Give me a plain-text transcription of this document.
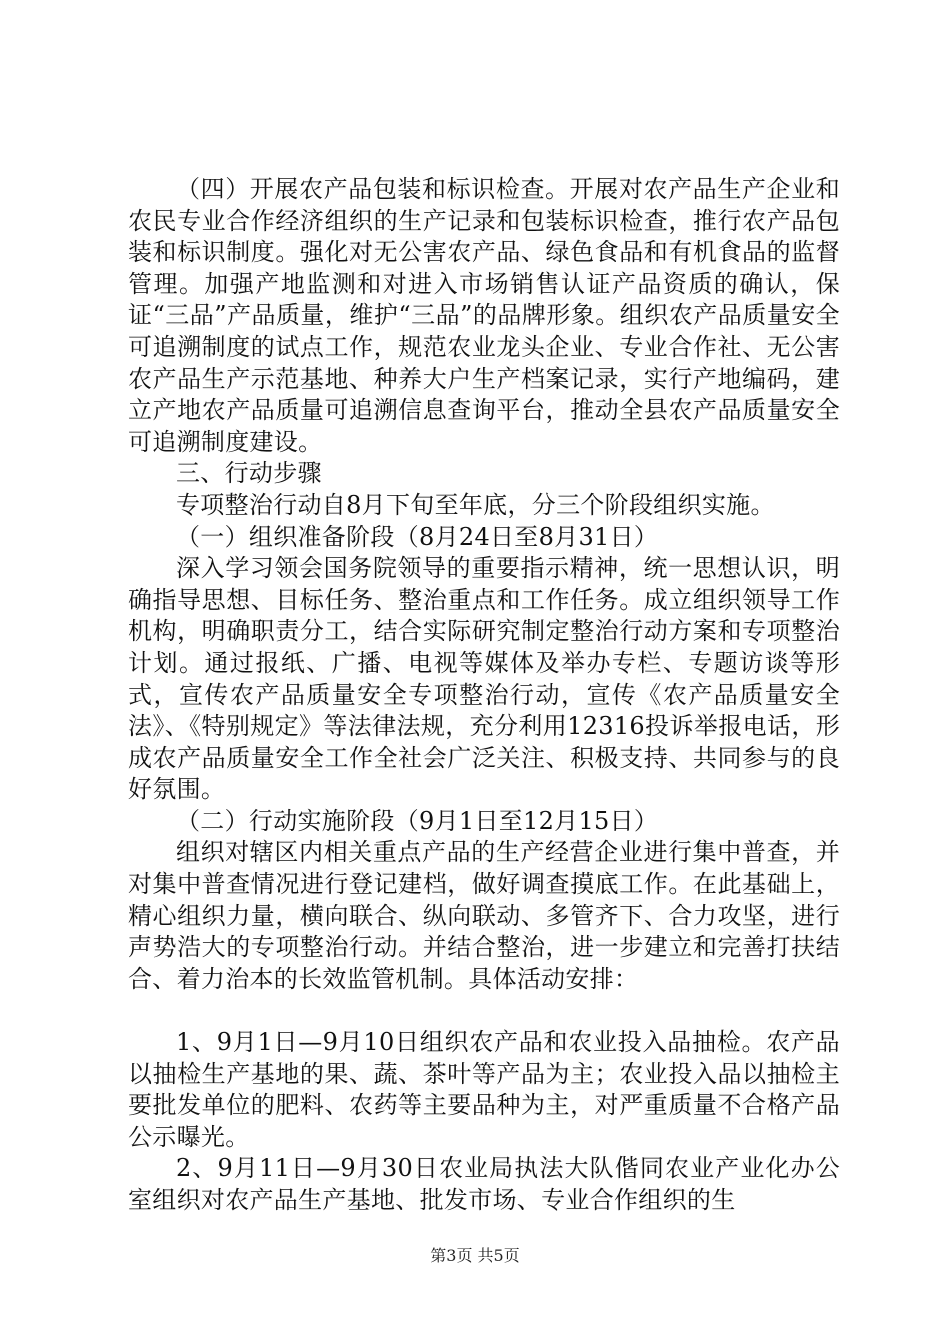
（四）开展农产品包装和标识检查。开展对农产品生产企业和农民专业合作经济组织的生产记录和包装标识检查，推行农产品包装和标识制度。强化对无公害农产品、绿色食品和有机食品的监督管理。加强产地监测和对进入市场销售认证产品资质的确认，保证“三品”产品质量，维护“三品”的品牌形象。组织农产品质量安全可追溯制度的试点工作，规范农业龙头企业、专业合作社、无公害农产品生产示范基地、种养大户生产档案记录，实行产地编码，建立产地农产品质量可追溯信息查询平台，推动全县农产品质量安全可追溯制度建设。

三、行动步骤

专项整治行动自8月下旬至年底，分三个阶段组织实施。

（一）组织准备阶段（8月24日至8月31日）

深入学习领会国务院领导的重要指示精神，统一思想认识，明确指导思想、目标任务、整治重点和工作任务。成立组织领导工作机构，明确职责分工，结合实际研究制定整治行动方案和专项整治计划。通过报纸、广播、电视等媒体及举办专栏、专题访谈等形式，宣传农产品质量安全专项整治行动，宣传《农产品质量安全法》、《特别规定》等法律法规，充分利用12316投诉举报电话，形成农产品质量安全工作全社会广泛关注、积极支持、共同参与的良好氛围。

（二）行动实施阶段（9月1日至12月15日）

组织对辖区内相关重点产品的生产经营企业进行集中普查，并对集中普查情况进行登记建档，做好调查摸底工作。在此基础上，精心组织力量，横向联合、纵向联动、多管齐下、合力攻坚，进行声势浩大的专项整治行动。并结合整治，进一步建立和完善打扶结合、着力治本的长效监管机制。具体活动安排：

1、9月1日—9月10日组织农产品和农业投入品抽检。农产品以抽检生产基地的果、蔬、茶叶等产品为主；农业投入品以抽检主要批发单位的肥料、农药等主要品种为主，对严重质量不合格产品公示曝光。

2、9月11日—9月30日农业局执法大队偕同农业产业化办公室组织对农产品生产基地、批发市场、专业合作组织的生

第3页 共5页
